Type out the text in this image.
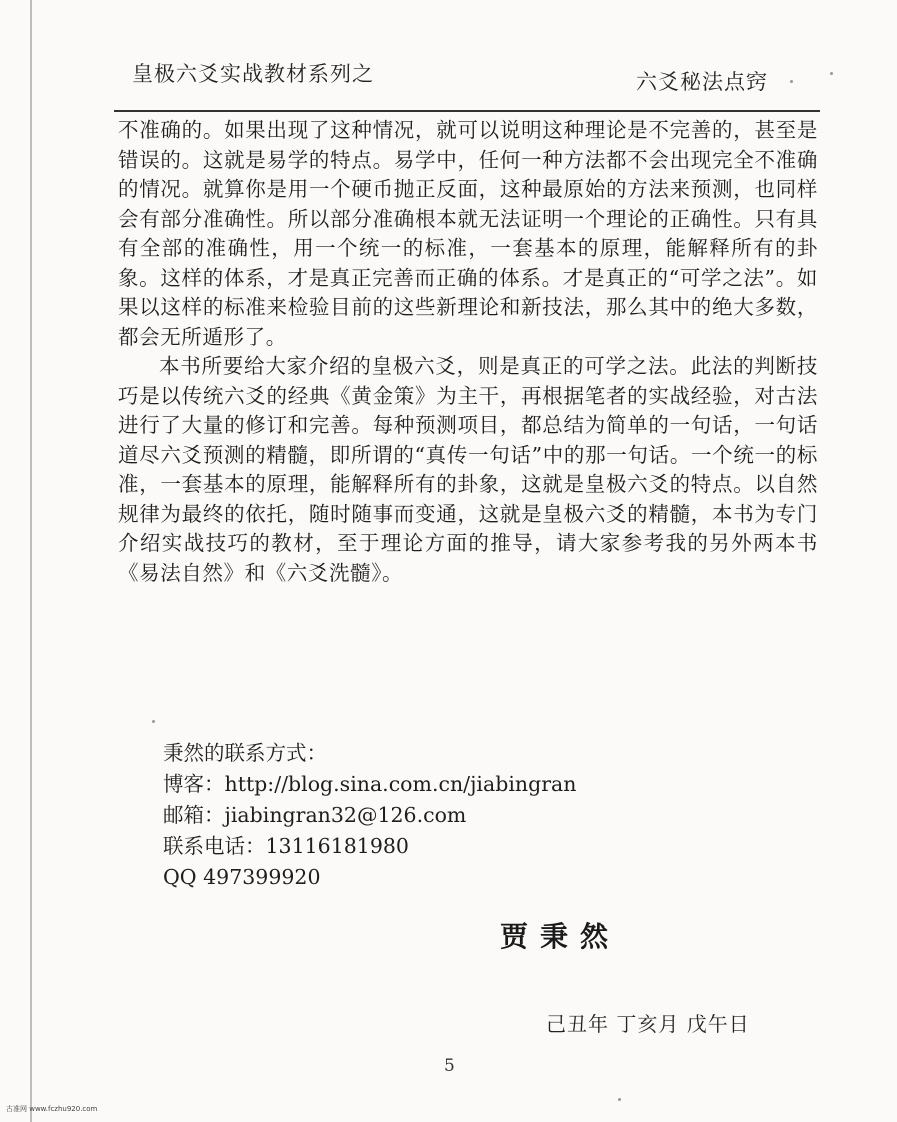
皇极六爻实战教材系列之	六爻秘法点窍

不准确的。如果出现了这种情况，就可以说明这种理论是不完善的，甚至是错误的。这就是易学的特点。易学中，任何一种方法都不会出现完全不准确的情况。就算你是用一个硬币抛正反面，这种最原始的方法来预测，也同样会有部分准确性。所以部分准确根本就无法证明一个理论的正确性。只有具有全部的准确性，用一个统一的标准，一套基本的原理，能解释所有的卦象。这样的体系，才是真正完善而正确的体系。才是真正的“可学之法”。如果以这样的标准来检验目前的这些新理论和新技法，那么其中的绝大多数，都会无所遁形了。

本书所要给大家介绍的皇极六爻，则是真正的可学之法。此法的判断技巧是以传统六爻的经典《黄金策》为主干，再根据笔者的实战经验，对古法进行了大量的修订和完善。每种预测项目，都总结为简单的一句话，一句话道尽六爻预测的精髓，即所谓的“真传一句话”中的那一句话。一个统一的标准，一套基本的原理，能解释所有的卦象，这就是皇极六爻的特点。以自然规律为最终的依托，随时随事而变通，这就是皇极六爻的精髓，本书为专门介绍实战技巧的教材，至于理论方面的推导，请大家参考我的另外两本书《易法自然》和《六爻洗髓》。

秉然的联系方式：
博客：http://blog.sina.com.cn/jiabingran
邮箱：jiabingran32@126.com
联系电话：13116181980
QQ 497399920
贾秉然
己丑年 丁亥月 戊午日
5
古准网 www.fczhu920.com
